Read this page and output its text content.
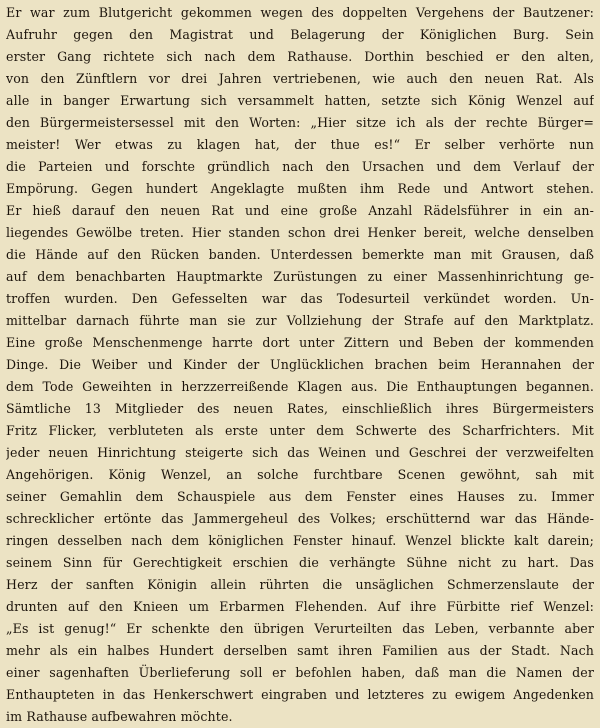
Er war zum Blutgericht gekommen wegen des doppelten Vergehens der Bautzener:
Aufruhr gegen den Magistrat und Belagerung der Königlichen Burg. Sein
erster Gang richtete sich nach dem Rathause. Dorthin beschied er den alten,
von den Zünftlern vor drei Jahren vertriebenen, wie auch den neuen Rat. Als
alle in banger Erwartung sich versammelt hatten, setzte sich König Wenzel auf
den Bürgermeistersessel mit den Worten: „Hier sitze ich als der rechte Bürger=
meister! Wer etwas zu klagen hat, der thue es!“ Er selber verhörte nun
die Parteien und forschte gründlich nach den Ursachen und dem Verlauf der
Empörung. Gegen hundert Angeklagte mußten ihm Rede und Antwort stehen.
Er hieß darauf den neuen Rat und eine große Anzahl Rädelsführer in ein an-
liegendes Gewölbe treten. Hier standen schon drei Henker bereit, welche denselben
die Hände auf den Rücken banden. Unterdessen bemerkte man mit Grausen, daß
auf dem benachbarten Hauptmarkte Zurüstungen zu einer Massenhinrichtung ge-
troffen wurden. Den Gefesselten war das Todesurteil verkündet worden. Un-
mittelbar darnach führte man sie zur Vollziehung der Strafe auf den Marktplatz.
Eine große Menschenmenge harrte dort unter Zittern und Beben der kommenden
Dinge. Die Weiber und Kinder der Unglücklichen brachen beim Herannahen der
dem Tode Geweihten in herzzerreißende Klagen aus. Die Enthauptungen begannen.
Sämtliche 13 Mitglieder des neuen Rates, einschließlich ihres Bürgermeisters
Fritz Flicker, verbluteten als erste unter dem Schwerte des Scharfrichters. Mit
jeder neuen Hinrichtung steigerte sich das Weinen und Geschrei der verzweifelten
Angehörigen. König Wenzel, an solche furchtbare Scenen gewöhnt, sah mit
seiner Gemahlin dem Schauspiele aus dem Fenster eines Hauses zu. Immer
schrecklicher ertönte das Jammergeheul des Volkes; erschütternd war das Hände-
ringen desselben nach dem königlichen Fenster hinauf. Wenzel blickte kalt darein;
seinem Sinn für Gerechtigkeit erschien die verhängte Sühne nicht zu hart. Das
Herz der sanften Königin allein rührten die unsäglichen Schmerzenslaute der
drunten auf den Knieen um Erbarmen Flehenden. Auf ihre Fürbitte rief Wenzel:
„Es ist genug!“ Er schenkte den übrigen Verurteilten das Leben, verbannte aber
mehr als ein halbes Hundert derselben samt ihren Familien aus der Stadt. Nach
einer sagenhaften Überlieferung soll er befohlen haben, daß man die Namen der
Enthaupteten in das Henkerschwert eingraben und letzteres zu ewigem Angedenken
im Rathause aufbewahren möchte.
